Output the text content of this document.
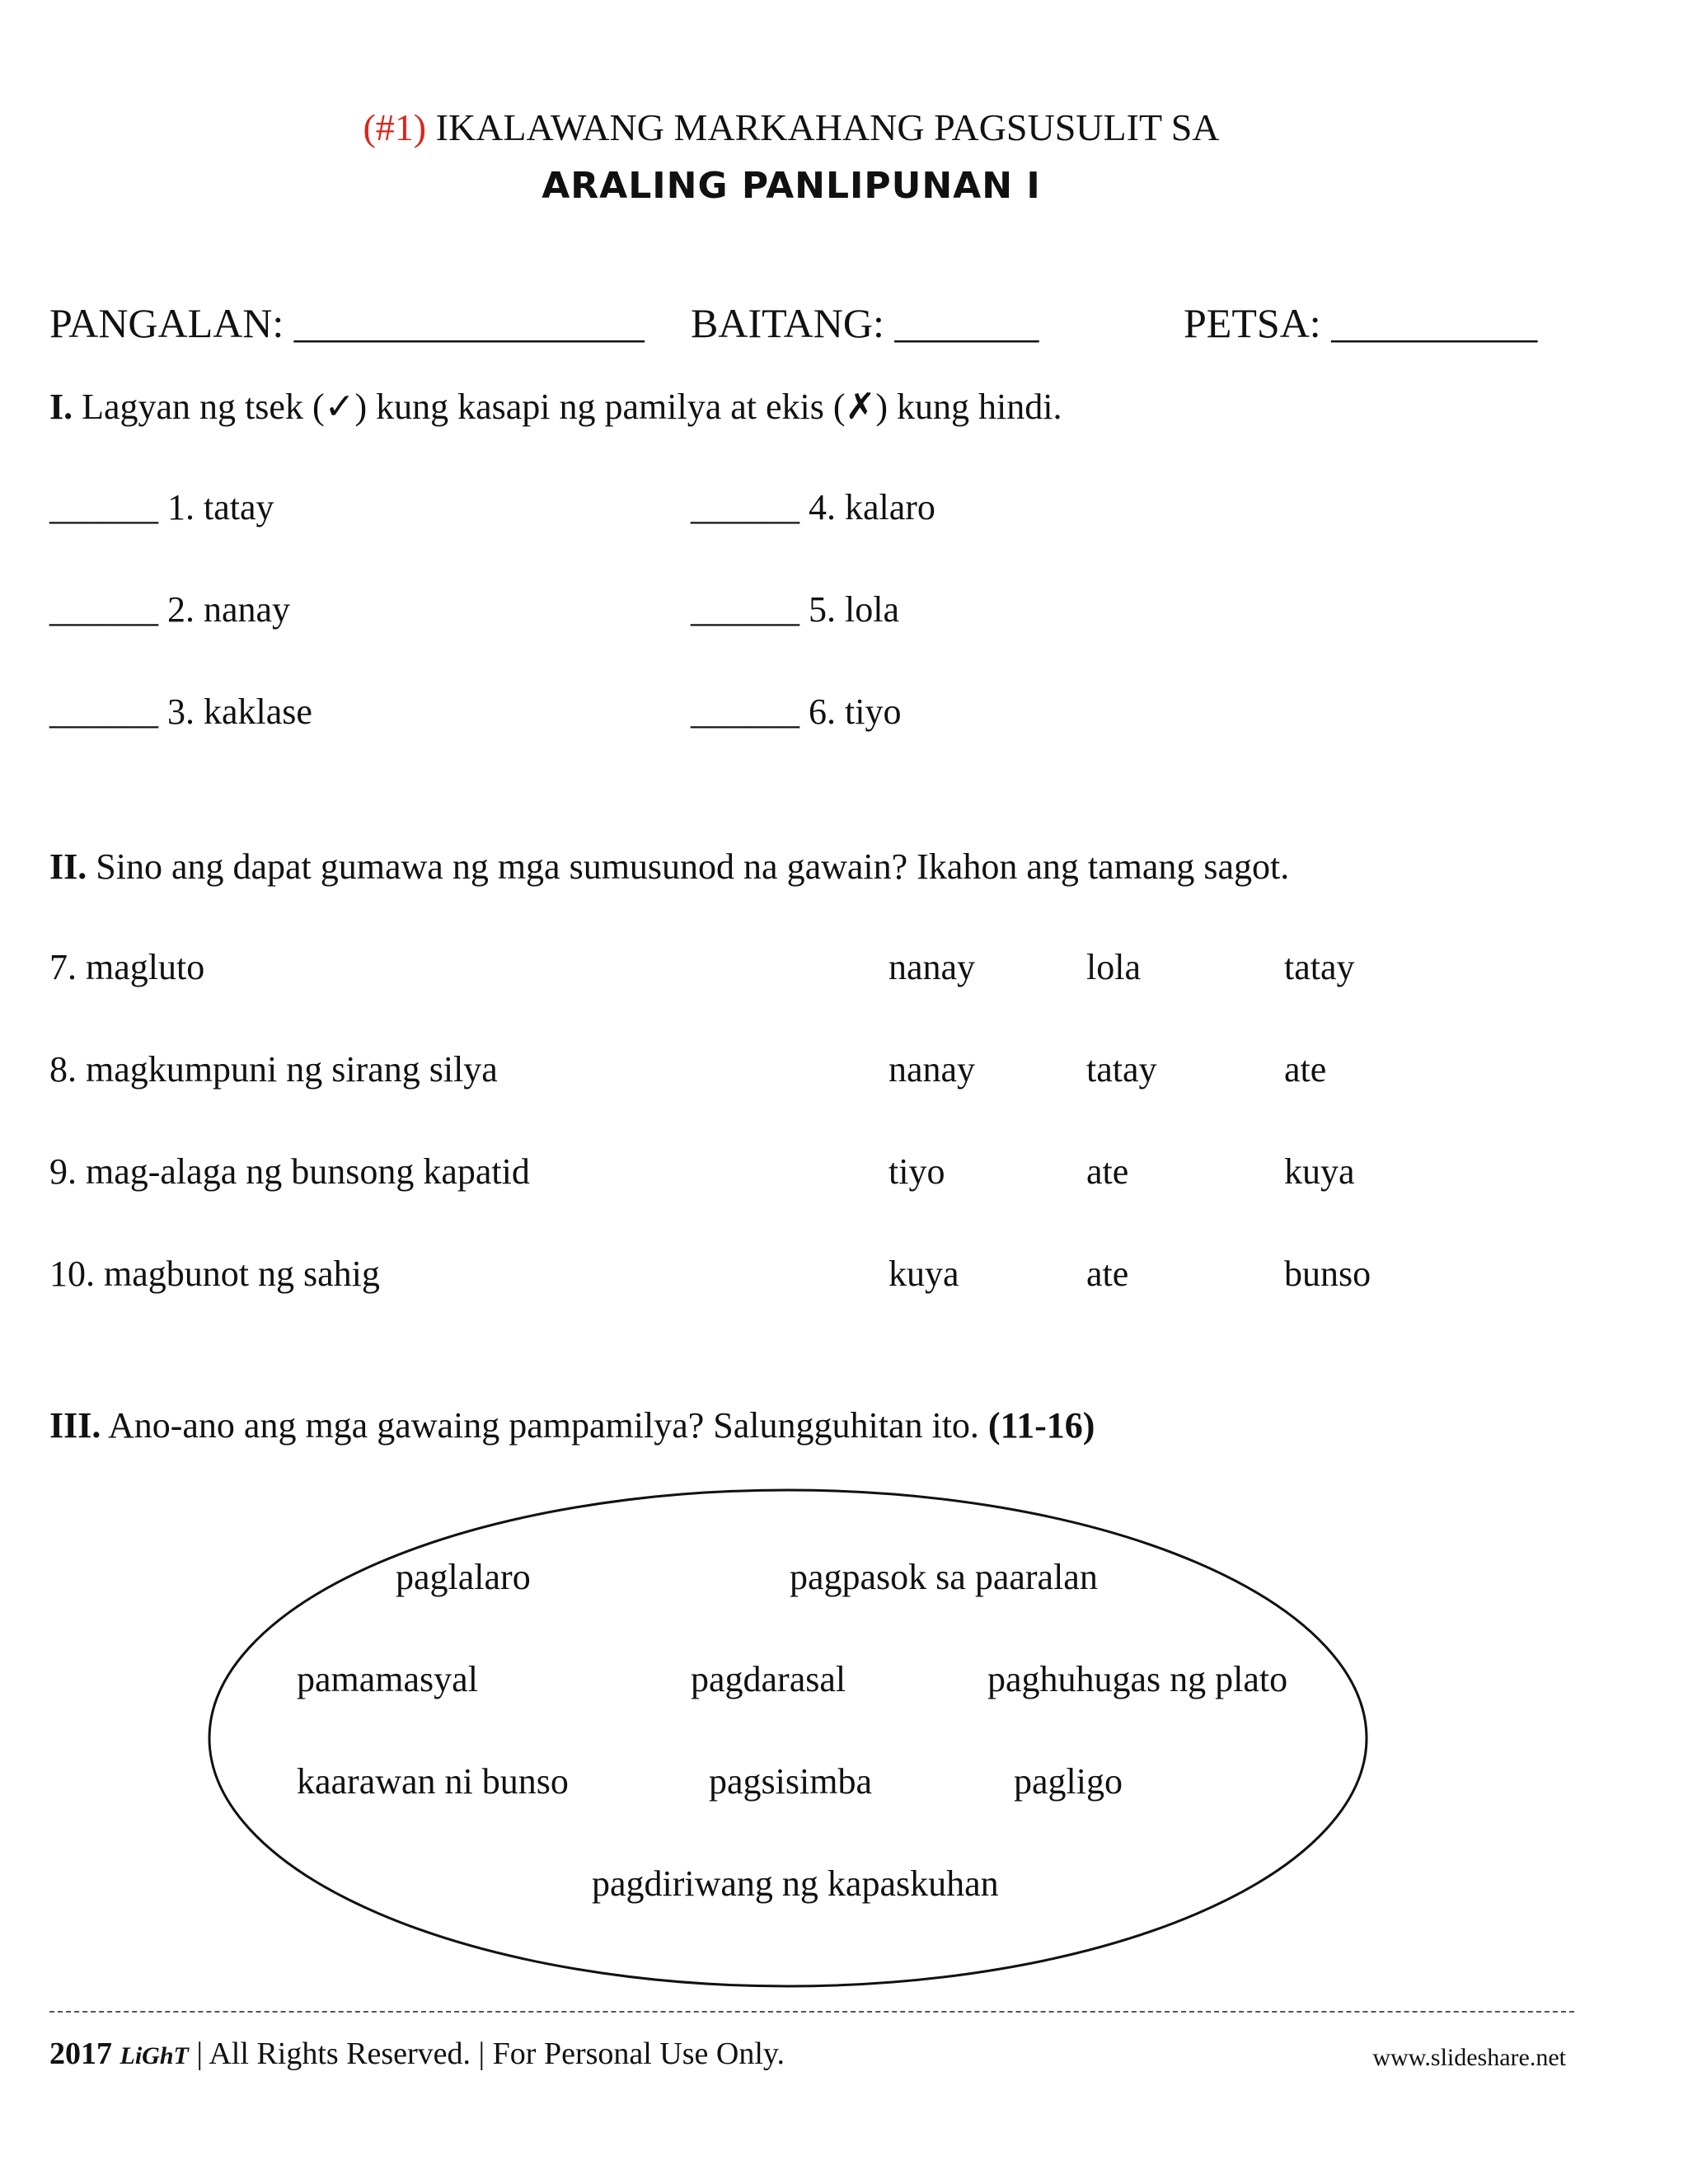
(#1) IKALAWANG MARKAHANG PAGSUSULIT SA
ARALING PANLIPUNAN I
PANGALAN: _________________ BAITANG: _______	PETSA: __________
I. Lagyan ng tsek (✓) kung kasapi ng pamilya at ekis (✗) kung hindi.
______ 1. tatay
______ 2. nanay
______ 3. kaklase
______ 4. kalaro
______ 5. lola
______ 6. tiyo
II. Sino ang dapat gumawa ng mga sumusunod na gawain? Ikahon ang tamang sagot.
7. magluto	nanay	lola	tatay
8. magkumpuni ng sirang silya	nanay	tatay	ate
9. mag-alaga ng bunsong kapatid	tiyo	ate	kuya
10. magbunot ng sahig	kuya	ate	bunso
III. Ano-ano ang mga gawaing pampamilya? Salungguhitan ito. (11-16)
paglalaro	pagpasok sa paaralan
pamamasyal	pagdarasal	paghuhugas ng plato
kaarawan ni bunso	pagsisimba	pagligo
pagdiriwang ng kapaskuhan
2017 LiGhT | All Rights Reserved. | For Personal Use Only.	www.slideshare.net
